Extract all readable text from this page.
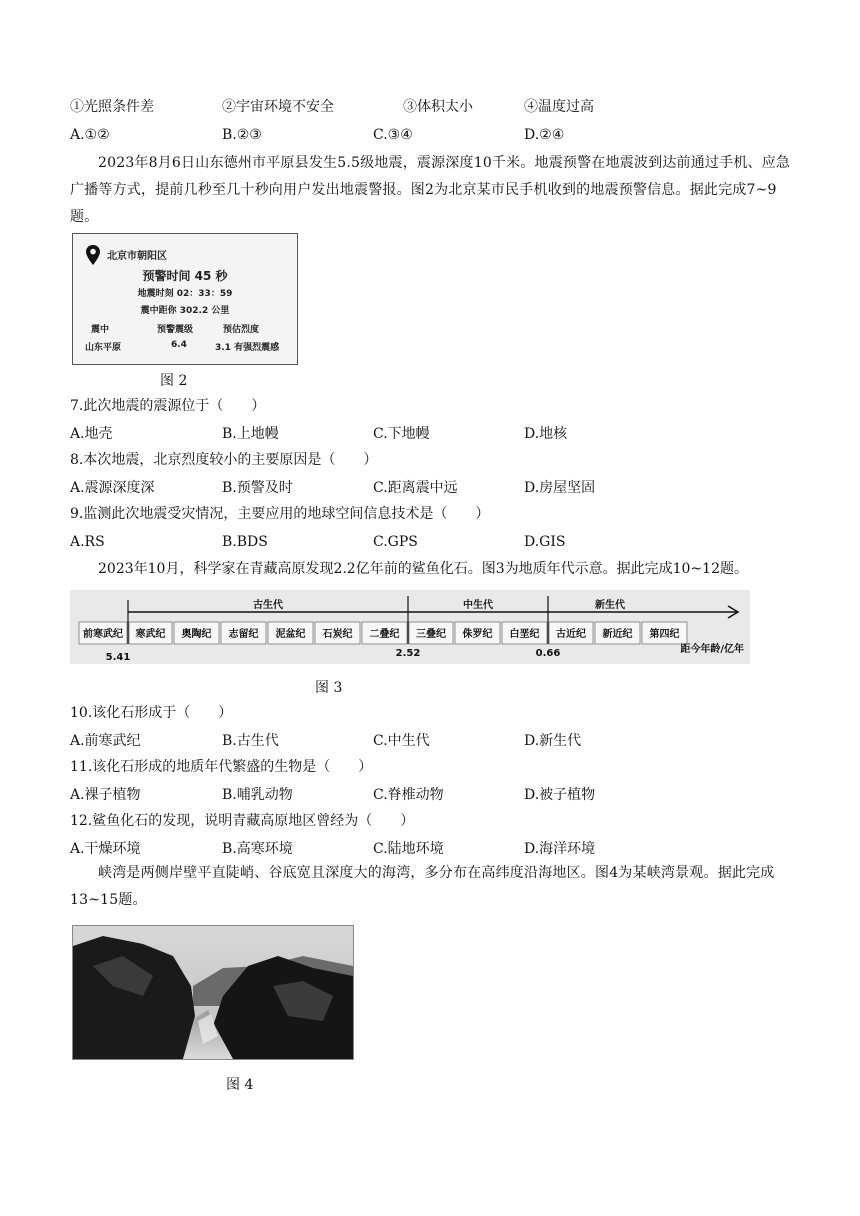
①光照条件差	②宇宙环境不安全	③体积太小	④温度过高
A.①②	B.②③	C.③④	D.②④
2023年8月6日山东德州市平原县发生5.5级地震，震源深度10千米。地震预警在地震波到达前通过手机、应急广播等方式，提前几秒至几十秒向用户发出地震警报。图2为北京某市民手机收到的地震预警信息。据此完成7~9题。
北京市朝阳区
预警时间 45 秒
地震时刻 02：33：59
震中距你 302.2 公里
震中	预警震级	预估烈度
山东平原	6.4	3.1 有强烈震感
图 2
7.此次地震的震源位于（　　）
A.地壳	B.上地幔	C.下地幔	D.地核
8.本次地震，北京烈度较小的主要原因是（　　）
A.震源深度深	B.预警及时	C.距离震中远	D.房屋坚固
9.监测此次地震受灾情况，主要应用的地球空间信息技术是（　　）
A.RS	B.BDS	C.GPS	D.GIS
2023年10月，科学家在青藏高原发现2.2亿年前的鲨鱼化石。图3为地质年代示意。据此完成10~12题。
古生代	中生代	新生代
前寒武纪 寒武纪 奥陶纪 志留纪 泥盆纪 石炭纪 二叠纪 三叠纪 侏罗纪 白垩纪 古近纪 新近纪 第四纪
5.41	2.52	0.66	距今年龄/亿年
图 3
10.该化石形成于（　　）
A.前寒武纪	B.古生代	C.中生代	D.新生代
11.该化石形成的地质年代繁盛的生物是（　　）
A.裸子植物	B.哺乳动物	C.脊椎动物	D.被子植物
12.鲨鱼化石的发现，说明青藏高原地区曾经为（　　）
A.干燥环境	B.高寒环境	C.陆地环境	D.海洋环境
峡湾是两侧岸壁平直陡峭、谷底宽且深度大的海湾，多分布在高纬度沿海地区。图4为某峡湾景观。据此完成13~15题。
图 4
